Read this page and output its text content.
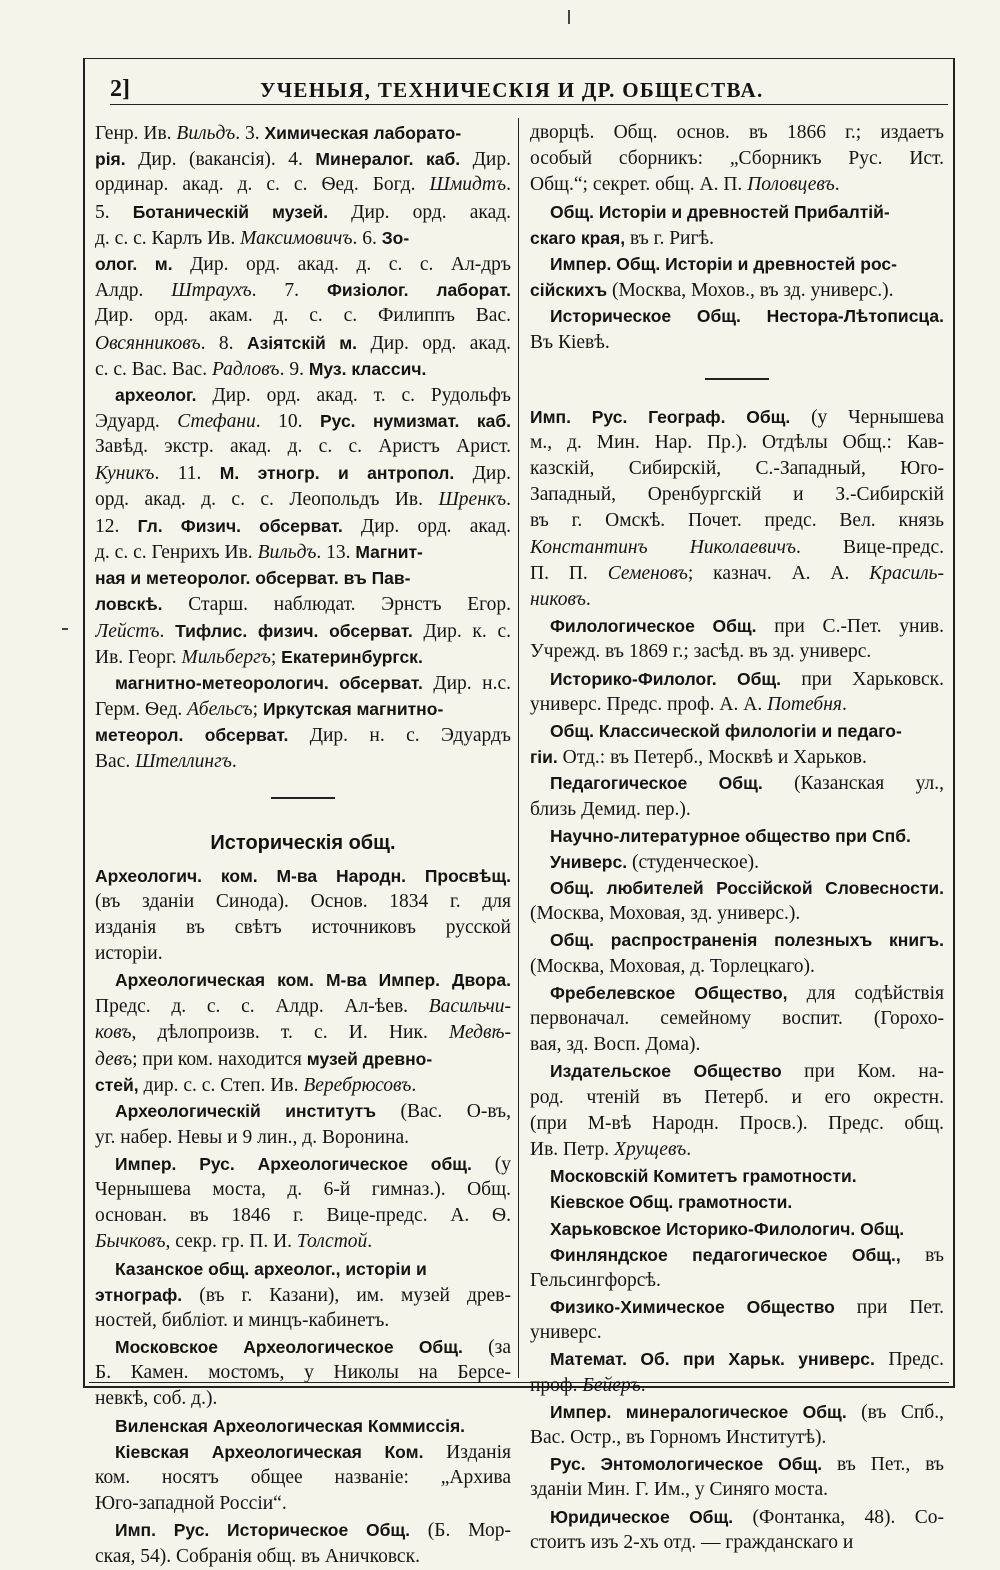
2]	УЧЕНЫЯ, ТЕХНИЧЕСКІЯ И ДР. ОБЩЕСТВА.
Генр. Ив. Вильдъ. 3. Химическая лаборато-
рія. Дир. (вакансія). 4. Минералог. каб. Дир.
ординар. акад. д. с. с. Ѳед. Богд. Шмидтъ.
5. Ботаническій музей. Дир. орд. акад.
д. с. с. Карлъ Ив. Максимовичъ. 6. Зо-
олог. м. Дир. орд. акад. д. с. с. Ал-дръ
Алдр. Штраухъ. 7. Физіолог. лаборат.
Дир. орд. акам. д. с. с. Филиппъ Вас.
Овсянниковъ. 8. Азіятскій м. Дир. орд. акад.
с. с. Вас. Вас. Радловъ. 9. Муз. классич.
археолог. Дир. орд. акад. т. с. Рудольфъ
Эдуард. Стефани. 10. Рус. нумизмат. каб.
Завѣд. экстр. акад. д. с. с. Аристъ Арист.
Куникъ. 11. М. этногр. и антропол. Дир.
орд. акад. д. с. с. Леопольдъ Ив. Шренкъ.
12. Гл. Физич. обсерват. Дир. орд. акад.
д. с. с. Генрихъ Ив. Вильдъ. 13. Магнит-
ная и метеоролог. обсерват. въ Пав-
ловскѣ. Старш. наблюдат. Эрнстъ Егор.
Лейстъ. Тифлис. физич. обсерват. Дир. к. с.
Ив. Георг. Мильбергъ; Екатеринбургск.
магнитно-метеорологич. обсерват. Дир. н.с.
Герм. Ѳед. Абельсъ; Иркутская магнитно-
метеорол. обсерват. Дир. н. с. Эдуардъ
Вас. Штеллингъ.
Историческія общ.
Археологич. ком. М-ва Народн. Просвѣщ.
(въ зданіи Синода). Основ. 1834 г. для
изданія въ свѣтъ источниковъ русской
исторіи.
Археологическая ком. М-ва Импер. Двора.
Предс. д. с. с. Алдр. Ал-ѣев. Васильчи-
ковъ, дѣлопроизв. т. с. И. Ник. Медвѣ-
девъ; при ком. находится музей древно-
стей, дир. с. с. Степ. Ив. Веребрюсовъ.
Археологическій институтъ (Вас. О-въ,
уг. набер. Невы и 9 лин., д. Воронина.
Импер. Рус. Археологическое общ. (у
Чернышева моста, д. 6-й гимназ.). Общ.
основан. въ 1846 г. Вице-предс. А. Ѳ.
Бычковъ, секр. гр. П. И. Толстой.
Казанское общ. археолог., исторіи и
этнограф. (въ г. Казани), им. музей древ-
ностей, библіот. и минцъ-кабинетъ.
Московское Археологическое Общ. (за
Б. Камен. мостомъ, у Николы на Берсе-
невкѣ, соб. д.).
Виленская Археологическая Коммиссія.
Кіевская Археологическая Ком. Изданія
ком. носятъ общее названіе: „Архива
Юго-западной Россіи“.
Имп. Рус. Историческое Общ. (Б. Мор-
ская, 54). Собранія общ. въ Аничковск.
дворцѣ. Общ. основ. въ 1866 г.; издаетъ
особый сборникъ: „Сборникъ Рус. Ист.
Общ.“; секрет. общ. А. П. Половцевъ.
Общ. Исторіи и древностей Прибалтій-
скаго края, въ г. Ригѣ.
Импер. Общ. Исторіи и древностей рос-
сійскихъ (Москва, Мохов., въ зд. универс.).
Историческое Общ. Нестора-Лѣтописца.
Въ Кіевѣ.
Имп. Рус. Географ. Общ. (у Чернышева
м., д. Мин. Нар. Пр.). Отдѣлы Общ.: Кав-
казскій, Сибирскій, С.-Западный, Юго-
Западный, Оренбургскій и З.-Сибирскій
въ г. Омскѣ. Почет. предс. Вел. князь
Константинъ Николаевичъ. Вице-предс.
П. П. Семеновъ; казнач. А. А. Красиль-
никовъ.
Филологическое Общ. при С.-Пет. унив.
Учрежд. въ 1869 г.; засѣд. въ зд. универс.
Историко-Филолог. Общ. при Харьковск.
универс. Предс. проф. А. А. Потебня.
Общ. Классической филологіи и педаго-
гіи. Отд.: въ Петерб., Москвѣ и Харьков.
Педагогическое Общ. (Казанская ул.,
близь Демид. пер.).
Научно-литературное общество при Спб.
Универс. (студенческое).
Общ. любителей Россійской Словесности.
(Москва, Моховая, зд. универс.).
Общ. распространенія полезныхъ книгъ.
(Москва, Моховая, д. Торлецкаго).
Фребелевское Общество, для содѣйствія
первоначал. семейному воспит. (Горохо-
вая, зд. Восп. Дома).
Издательское Общество при Ком. на-
род. чтеній въ Петерб. и его окрестн.
(при М-вѣ Народн. Просв.). Предс. общ.
Ив. Петр. Хрущевъ.
Московскій Комитетъ грамотности.
Кіевское Общ. грамотности.
Харьковское Историко-Филологич. Общ.
Финляндское педагогическое Общ., въ
Гельсингфорсѣ.
Физико-Химическое Общество при Пет.
универс.
Математ. Об. при Харьк. универс. Предс.
проф. Бейеръ.
Импер. минералогическое Общ. (въ Спб.,
Вас. Остр., въ Горномъ Институтѣ).
Рус. Энтомологическое Общ. въ Пет., въ
зданіи Мин. Г. Им., у Синяго моста.
Юридическое Общ. (Фонтанка, 48). Со-
стоитъ изъ 2-хъ отд. — гражданскаго и
